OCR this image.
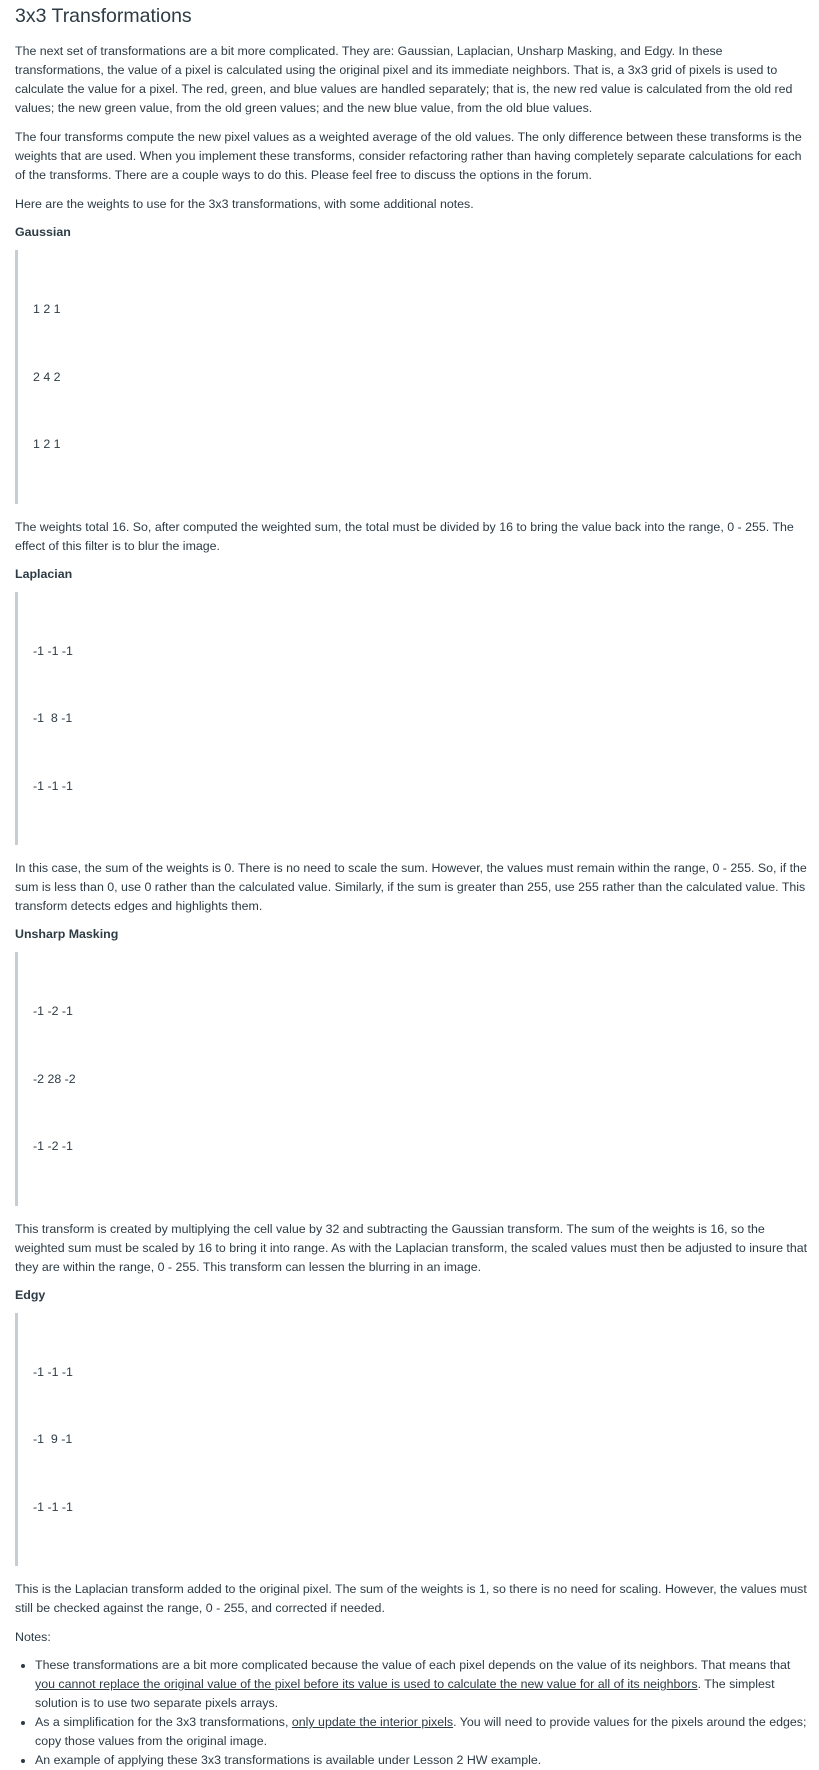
3x3 Transformations

The next set of transformations are a bit more complicated. They are: Gaussian, Laplacian, Unsharp Masking, and Edgy. In these transformations, the value of a pixel is calculated using the original pixel and its immediate neighbors. That is, a 3x3 grid of pixels is used to calculate the value for a pixel. The red, green, and blue values are handled separately; that is, the new red value is calculated from the old red values; the new green value, from the old green values; and the new blue value, from the old blue values.

The four transforms compute the new pixel values as a weighted average of the old values. The only difference between these transforms is the weights that are used. When you implement these transforms, consider refactoring rather than having completely separate calculations for each of the transforms. There are a couple ways to do this. Please feel free to discuss the options in the forum.

Here are the weights to use for the 3x3 transformations, with some additional notes.

Gaussian

1 2 1

2 4 2

1 2 1

The weights total 16. So, after computed the weighted sum, the total must be divided by 16 to bring the value back into the range, 0 - 255. The effect of this filter is to blur the image.

Laplacian

-1 -1 -1

-1  8 -1

-1 -1 -1

In this case, the sum of the weights is 0. There is no need to scale the sum. However, the values must remain within the range, 0 - 255. So, if the sum is less than 0, use 0 rather than the calculated value. Similarly, if the sum is greater than 255, use 255 rather than the calculated value. This transform detects edges and highlights them.

Unsharp Masking

-1 -2 -1

-2 28 -2

-1 -2 -1

This transform is created by multiplying the cell value by 32 and subtracting the Gaussian transform. The sum of the weights is 16, so the weighted sum must be scaled by 16 to bring it into range. As with the Laplacian transform, the scaled values must then be adjusted to insure that they are within the range, 0 - 255. This transform can lessen the blurring in an image.

Edgy

-1 -1 -1

-1  9 -1

-1 -1 -1

This is the Laplacian transform added to the original pixel. The sum of the weights is 1, so there is no need for scaling. However, the values must still be checked against the range, 0 - 255, and corrected if needed.

Notes:

• These transformations are a bit more complicated because the value of each pixel depends on the value of its neighbors. That means that you cannot replace the original value of the pixel before its value is used to calculate the new value for all of its neighbors. The simplest solution is to use two separate pixels arrays.
• As a simplification for the 3x3 transformations, only update the interior pixels. You will need to provide values for the pixels around the edges; copy those values from the original image.
• An example of applying these 3x3 transformations is available under Lesson 2 HW example.
